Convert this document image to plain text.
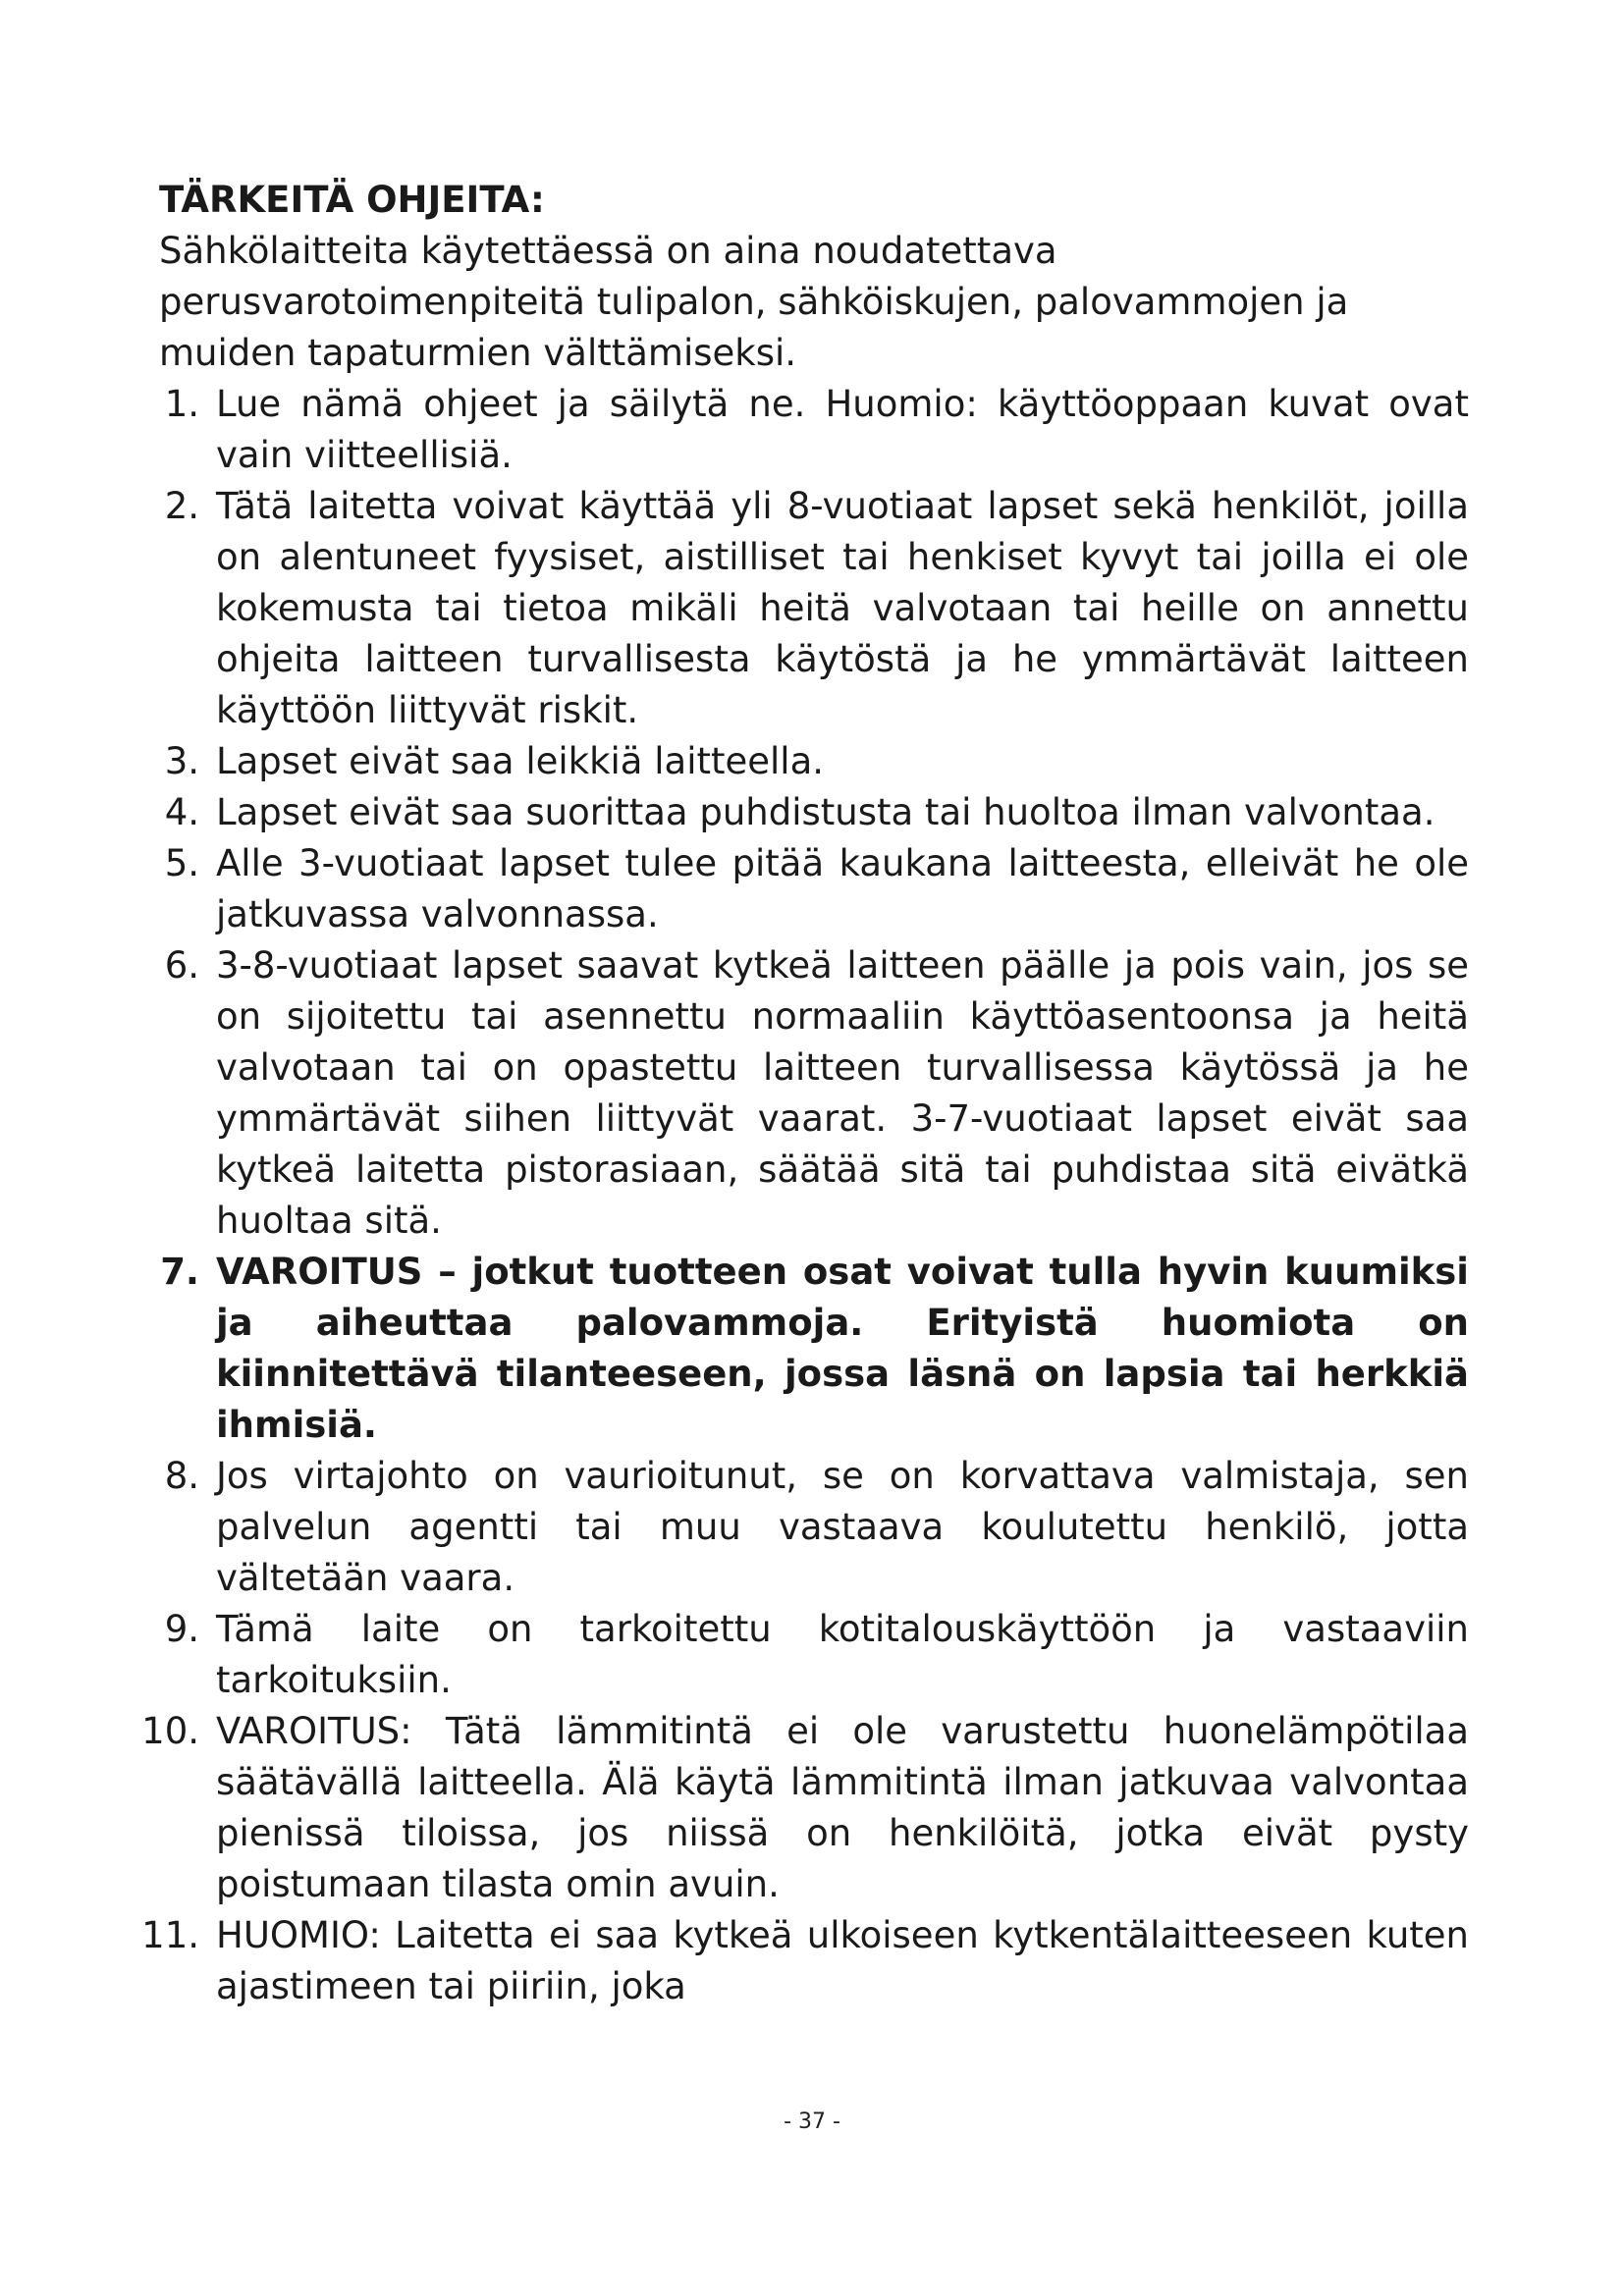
TÄRKEITÄ OHJEITA:

Sähkölaitteita käytettäessä on aina noudatettava perusvarotoimenpiteitä tulipalon, sähköiskujen, palovammojen ja muiden tapaturmien välttämiseksi.

1. Lue nämä ohjeet ja säilytä ne. Huomio: käyttöoppaan kuvat ovat vain viitteellisiä.
2. Tätä laitetta voivat käyttää yli 8-vuotiaat lapset sekä henkilöt, joilla on alentuneet fyysiset, aistilliset tai henkiset kyvyt tai joilla ei ole kokemusta tai tietoa mikäli heitä valvotaan tai heille on annettu ohjeita laitteen turvallisesta käytöstä ja he ymmärtävät laitteen käyttöön liittyvät riskit.
3. Lapset eivät saa leikkiä laitteella.
4. Lapset eivät saa suorittaa puhdistusta tai huoltoa ilman valvontaa.
5. Alle 3-vuotiaat lapset tulee pitää kaukana laitteesta, elleivät he ole jatkuvassa valvonnassa.
6. 3-8-vuotiaat lapset saavat kytkeä laitteen päälle ja pois vain, jos se on sijoitettu tai asennettu normaaliin käyttöasentoonsa ja heitä valvotaan tai on opastettu laitteen turvallisessa käytössä ja he ymmärtävät siihen liittyvät vaarat. 3-7-vuotiaat lapset eivät saa kytkeä laitetta pistorasiaan, säätää sitä tai puhdistaa sitä eivätkä huoltaa sitä.
7. VAROITUS – jotkut tuotteen osat voivat tulla hyvin kuumiksi ja aiheuttaa palovammoja. Erityistä huomiota on kiinnitettävä tilanteeseen, jossa läsnä on lapsia tai herkkiä ihmisiä.
8. Jos virtajohto on vaurioitunut, se on korvattava valmistaja, sen palvelun agentti tai muu vastaava koulutettu henkilö, jotta vältetään vaara.
9. Tämä laite on tarkoitettu kotitalouskäyttöön ja vastaaviin tarkoituksiin.
10. VAROITUS: Tätä lämmitintä ei ole varustettu huonelämpötilaa säätävällä laitteella. Älä käytä lämmitintä ilman jatkuvaa valvontaa pienissä tiloissa, jos niissä on henkilöitä, jotka eivät pysty poistumaan tilasta omin avuin.
11. HUOMIO: Laitetta ei saa kytkeä ulkoiseen kytkentälaitteeseen kuten ajastimeen tai piiriin, joka
- 37 -
